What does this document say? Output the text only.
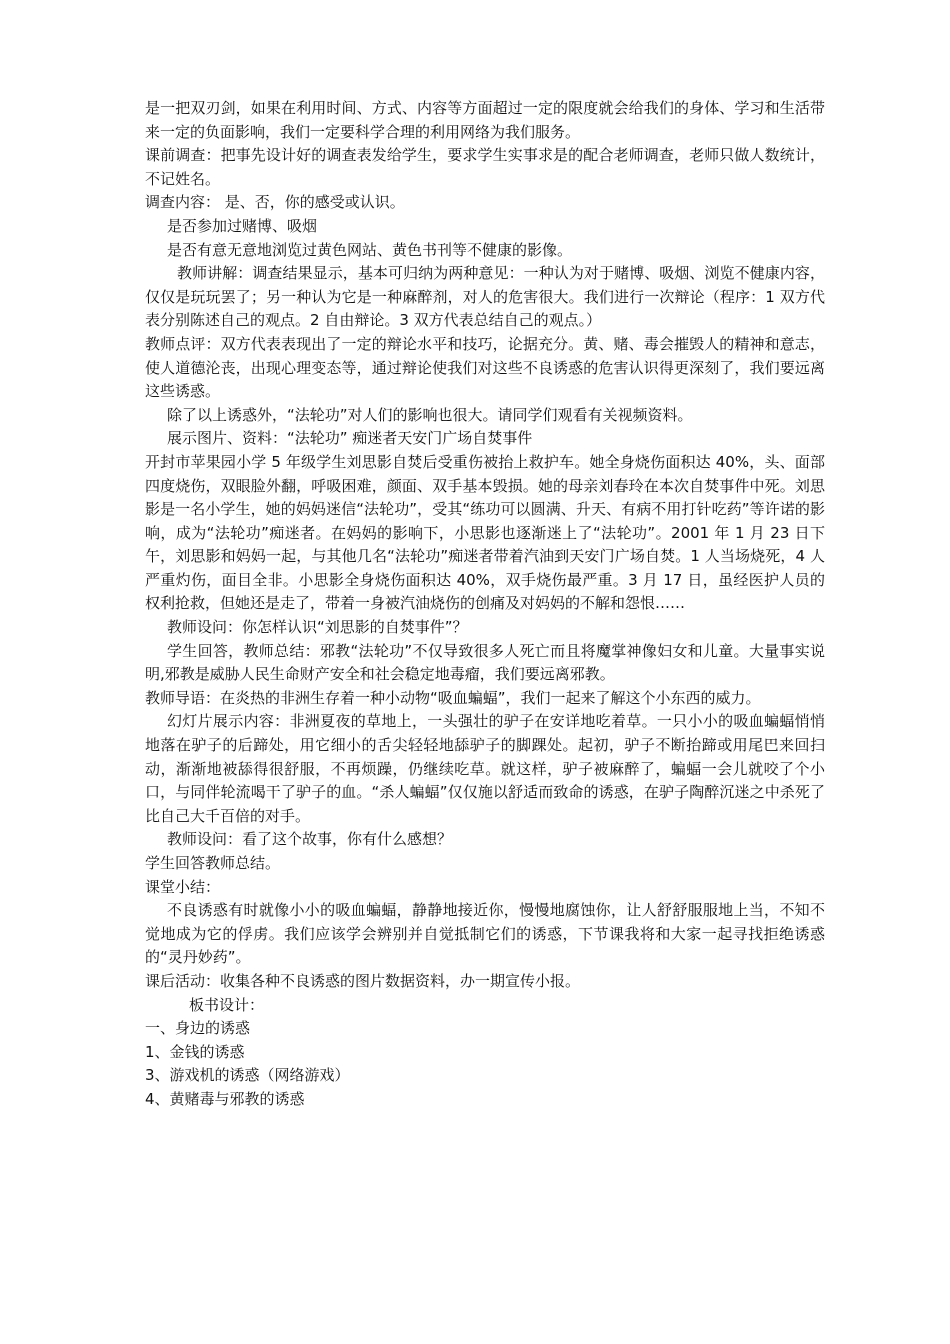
是一把双刃剑，如果在利用时间、方式、内容等方面超过一定的限度就会给我们的身体、学习和生活带来一定的负面影响，我们一定要科学合理的利用网络为我们服务。

课前调查：把事先设计好的调查表发给学生，要求学生实事求是的配合老师调查，老师只做人数统计，不记姓名。

调查内容： 是、否，你的感受或认识。

是否参加过赌博、吸烟

是否有意无意地浏览过黄色网站、黄色书刊等不健康的影像。

教师讲解：调查结果显示，基本可归纳为两种意见：一种认为对于赌博、吸烟、浏览不健康内容，仅仅是玩玩罢了；另一种认为它是一种麻醉剂，对人的危害很大。我们进行一次辩论（程序：1 双方代表分别陈述自己的观点。2 自由辩论。3 双方代表总结自己的观点。）

教师点评：双方代表表现出了一定的辩论水平和技巧，论据充分。黄、赌、毒会摧毁人的精神和意志，使人道德沦丧，出现心理变态等，通过辩论使我们对这些不良诱惑的危害认识得更深刻了，我们要远离这些诱惑。

除了以上诱惑外，“法轮功”对人们的影响也很大。请同学们观看有关视频资料。

展示图片、资料：“法轮功” 痴迷者天安门广场自焚事件

开封市苹果园小学 5 年级学生刘思影自焚后受重伤被抬上救护车。她全身烧伤面积达 40%，头、面部四度烧伤，双眼脸外翻，呼吸困难，颜面、双手基本毁损。她的母亲刘春玲在本次自焚事件中死。刘思影是一名小学生，她的妈妈迷信“法轮功”，受其“练功可以圆满、升天、有病不用打针吃药”等许诺的影响，成为“法轮功”痴迷者。在妈妈的影响下，小思影也逐渐迷上了“法轮功”。2001 年 1 月 23 日下午，刘思影和妈妈一起，与其他几名“法轮功”痴迷者带着汽油到天安门广场自焚。1 人当场烧死，4 人严重灼伤，面目全非。小思影全身烧伤面积达 40%，双手烧伤最严重。3 月 17 日，虽经医护人员的权利抢救，但她还是走了，带着一身被汽油烧伤的创痛及对妈妈的不解和怨恨……

教师设问：你怎样认识“刘思影的自焚事件”？

学生回答，教师总结：邪教“法轮功”不仅导致很多人死亡而且将魔掌神像妇女和儿童。大量事实说明,邪教是威胁人民生命财产安全和社会稳定地毒瘤，我们要远离邪教。

教师导语：在炎热的非洲生存着一种小动物“吸血蝙蝠”，我们一起来了解这个小东西的威力。

幻灯片展示内容：非洲夏夜的草地上，一头强壮的驴子在安详地吃着草。一只小小的吸血蝙蝠悄悄地落在驴子的后蹄处，用它细小的舌尖轻轻地舔驴子的脚踝处。起初，驴子不断抬蹄或用尾巴来回扫动，渐渐地被舔得很舒服，不再烦躁，仍继续吃草。就这样，驴子被麻醉了，蝙蝠一会儿就咬了个小口，与同伴轮流喝干了驴子的血。“杀人蝙蝠”仅仅施以舒适而致命的诱惑，在驴子陶醉沉迷之中杀死了比自己大千百倍的对手。

教师设问：看了这个故事，你有什么感想？

学生回答教师总结。

课堂小结：

不良诱惑有时就像小小的吸血蝙蝠，静静地接近你，慢慢地腐蚀你，让人舒舒服服地上当，不知不觉地成为它的俘虏。我们应该学会辨别并自觉抵制它们的诱惑，下节课我将和大家一起寻找拒绝诱惑的“灵丹妙药”。

课后活动：收集各种不良诱惑的图片数据资料，办一期宣传小报。

板书设计：

一、身边的诱惑

1、金钱的诱惑

3、游戏机的诱惑（网络游戏）

4、黄赌毒与邪教的诱惑
